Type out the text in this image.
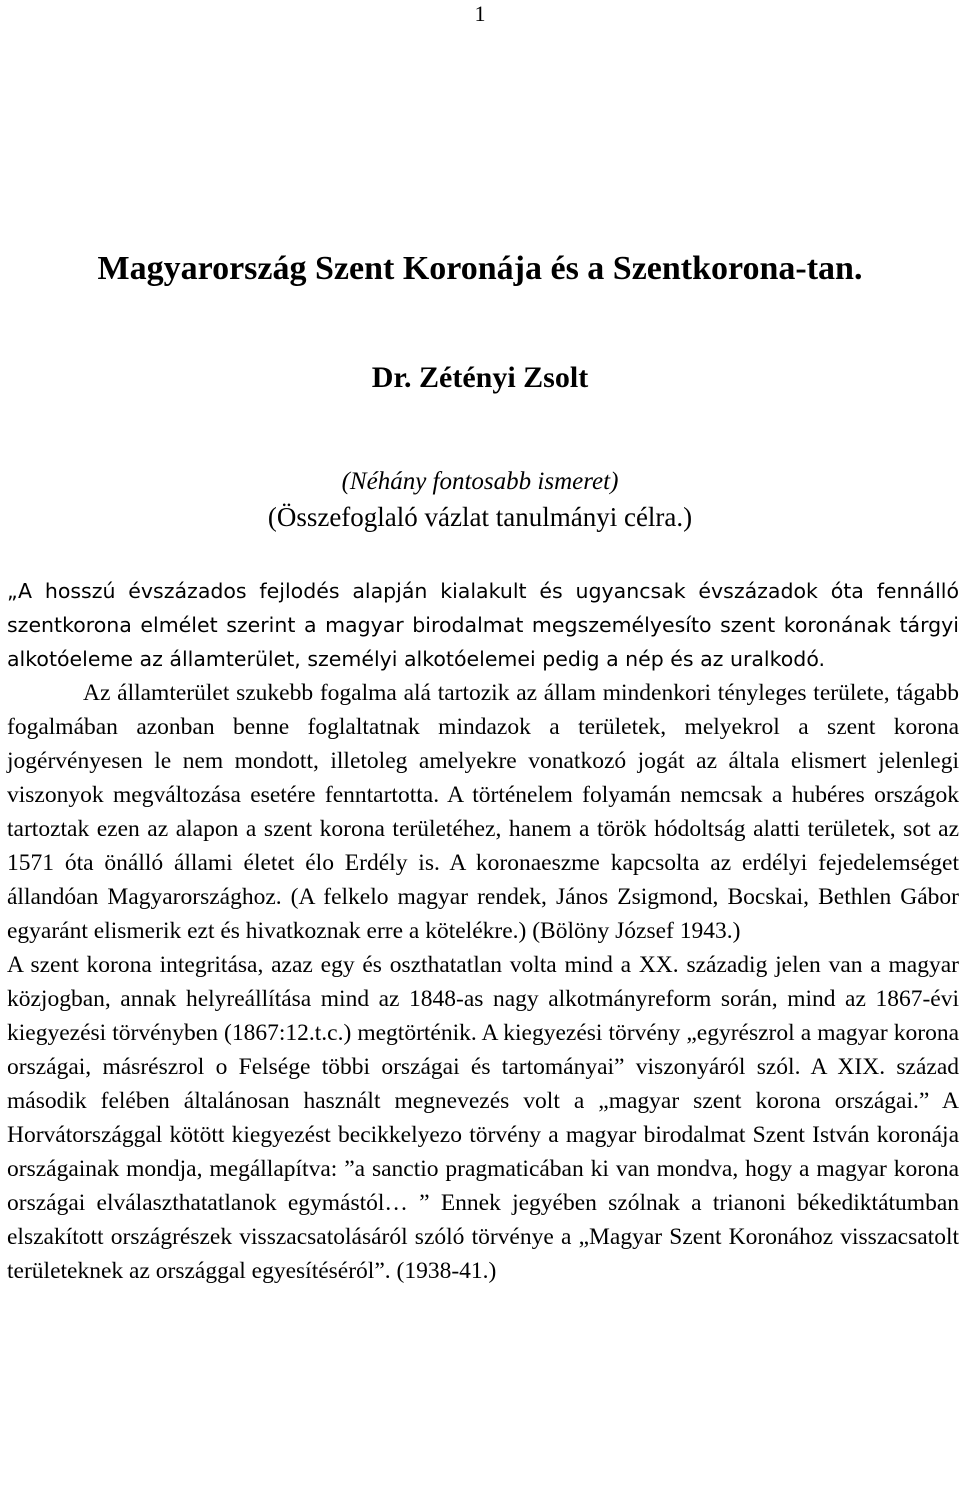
1
Magyarország Szent Koronája és a Szentkorona-tan.
Dr. Zétényi Zsolt
(Néhány fontosabb ismeret)
(Összefoglaló vázlat tanulmányi célra.)

„A hosszú évszázados fejlodés alapján kialakult és ugyancsak évszázadok óta fennálló szentkorona elmélet szerint a magyar birodalmat megszemélyesíto szent koronának tárgyi alkotóeleme az államterület, személyi alkotóelemei pedig a nép és az uralkodó.

Az államterület szukebb fogalma alá tartozik az állam mindenkori tényleges területe, tágabb fogalmában azonban benne foglaltatnak mindazok a területek, melyekrol a szent korona jogérvényesen le nem mondott, illetoleg amelyekre vonatkozó jogát az általa elismert jelenlegi viszonyok megváltozása esetére fenntartotta. A történelem folyamán nemcsak a hubéres országok tartoztak ezen az alapon a szent korona területéhez, hanem a török hódoltság alatti területek, sot az 1571 óta önálló állami életet élo Erdély is. A koronaeszme kapcsolta az erdélyi fejedelemséget állandóan Magyarországhoz. (A felkelo magyar rendek, János Zsigmond, Bocskai, Bethlen Gábor egyaránt elismerik ezt és hivatkoznak erre a kötelékre.) (Bölöny József 1943.)

A szent korona integritása, azaz egy és oszthatatlan volta mind a XX. századig jelen van a magyar közjogban, annak helyreállítása mind az 1848-as nagy alkotmányreform során, mind az 1867-évi kiegyezési törvényben (1867:12.t.c.) megtörténik. A kiegyezési törvény „egyrészrol a magyar korona országai, másrészrol o Felsége többi országai és tartományai” viszonyáról szól. A XIX. század második felében általánosan használt megnevezés volt a „magyar szent korona országai.” A Horvátországgal kötött kiegyezést becikkelyezo törvény a magyar birodalmat Szent István koronája országainak mondja, megállapítva: ”a sanctio pragmaticában ki van mondva, hogy a magyar korona országai elválaszthatatlanok egymástól… ” Ennek jegyében szólnak a trianoni békediktátumban elszakított országrészek visszacsatolásáról szóló törvénye a „Magyar Szent Koronához visszacsatolt területeknek az országgal egyesítéséról”. (1938-41.)
